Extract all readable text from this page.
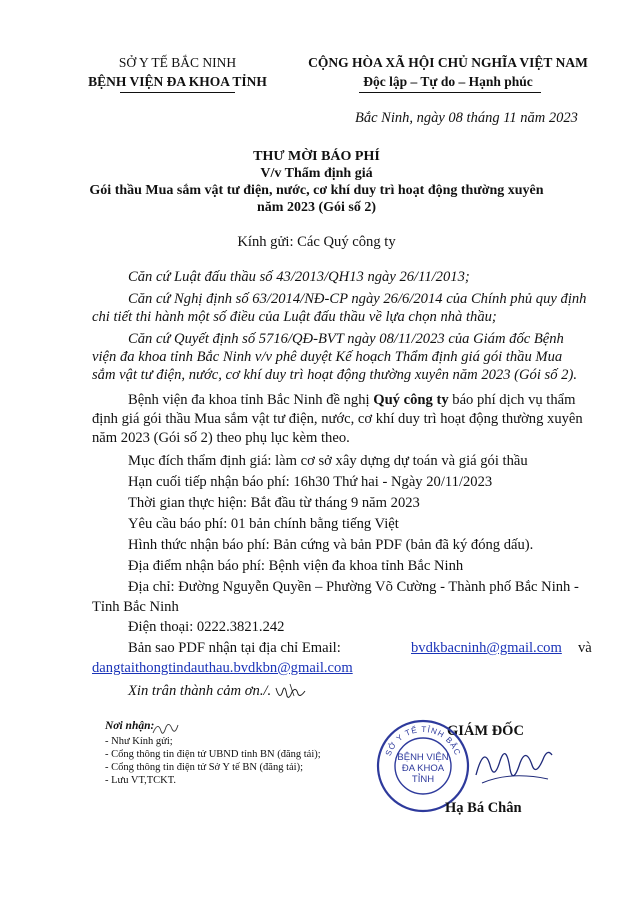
SỞ Y TẾ BẮC NINH
BỆNH VIỆN ĐA KHOA TỈNH
CỘNG HÒA XÃ HỘI CHỦ NGHĨA VIỆT NAM
Độc lập – Tự do – Hạnh phúc
Bắc Ninh, ngày 08 tháng 11 năm 2023
THƯ MỜI BÁO PHÍ
V/v Thẩm định giá
Gói thầu Mua sắm vật tư điện, nước, cơ khí duy trì hoạt động thường xuyên
năm 2023 (Gói số 2)
Kính gửi: Các Quý công ty
Căn cứ Luật đấu thầu số 43/2013/QH13 ngày 26/11/2013;
Căn cứ Nghị định số 63/2014/NĐ-CP ngày 26/6/2014 của Chính phủ quy định
chi tiết thi hành một số điều của Luật đấu thầu về lựa chọn nhà thầu;
Căn cứ Quyết định số 5716/QĐ-BVT ngày 08/11/2023 của Giám đốc Bệnh
viện đa khoa tỉnh Bắc Ninh v/v phê duyệt Kế hoạch Thẩm định giá gói thầu Mua
sắm vật tư điện, nước, cơ khí duy trì hoạt động thường xuyên năm 2023 (Gói số 2).
Bệnh viện đa khoa tỉnh Bắc Ninh đề nghị Quý công ty báo phí dịch vụ thẩm
định giá gói thầu Mua sắm vật tư điện, nước, cơ khí duy trì hoạt động thường xuyên
năm 2023 (Gói số 2) theo phụ lục kèm theo.
Mục đích thẩm định giá: làm cơ sở xây dựng dự toán và giá gói thầu
Hạn cuối tiếp nhận báo phí: 16h30 Thứ hai - Ngày 20/11/2023
Thời gian thực hiện: Bắt đầu từ tháng 9 năm 2023
Yêu cầu báo phí: 01 bản chính bằng tiếng Việt
Hình thức nhận báo phí: Bản cứng và bản PDF (bản đã ký đóng dấu).
Địa điểm nhận báo phí: Bệnh viện đa khoa tỉnh Bắc Ninh
Địa chỉ: Đường Nguyễn Quyền – Phường Võ Cường - Thành phố Bắc Ninh -
Tỉnh Bắc Ninh
Điện thoại: 0222.3821.242
Bản sao PDF nhận tại địa chỉ Email:	bvdkbacninh@gmail.com và
dangtaithongtindauthau.bvdkbn@gmail.com
Xin trân thành cảm ơn./.
Nơi nhận:
- Như Kính gửi;
- Cổng thông tin điện tử UBND tỉnh BN (đăng tải);
- Cổng thông tin điện tử Sở Y tế BN (đăng tải);
- Lưu VT,TCKT.
GIÁM ĐỐC
SỞ Y TẾ TỈNH BẮC
BỆNH VIỆN
ĐA KHOA
TỈNH
Hạ Bá Chân
